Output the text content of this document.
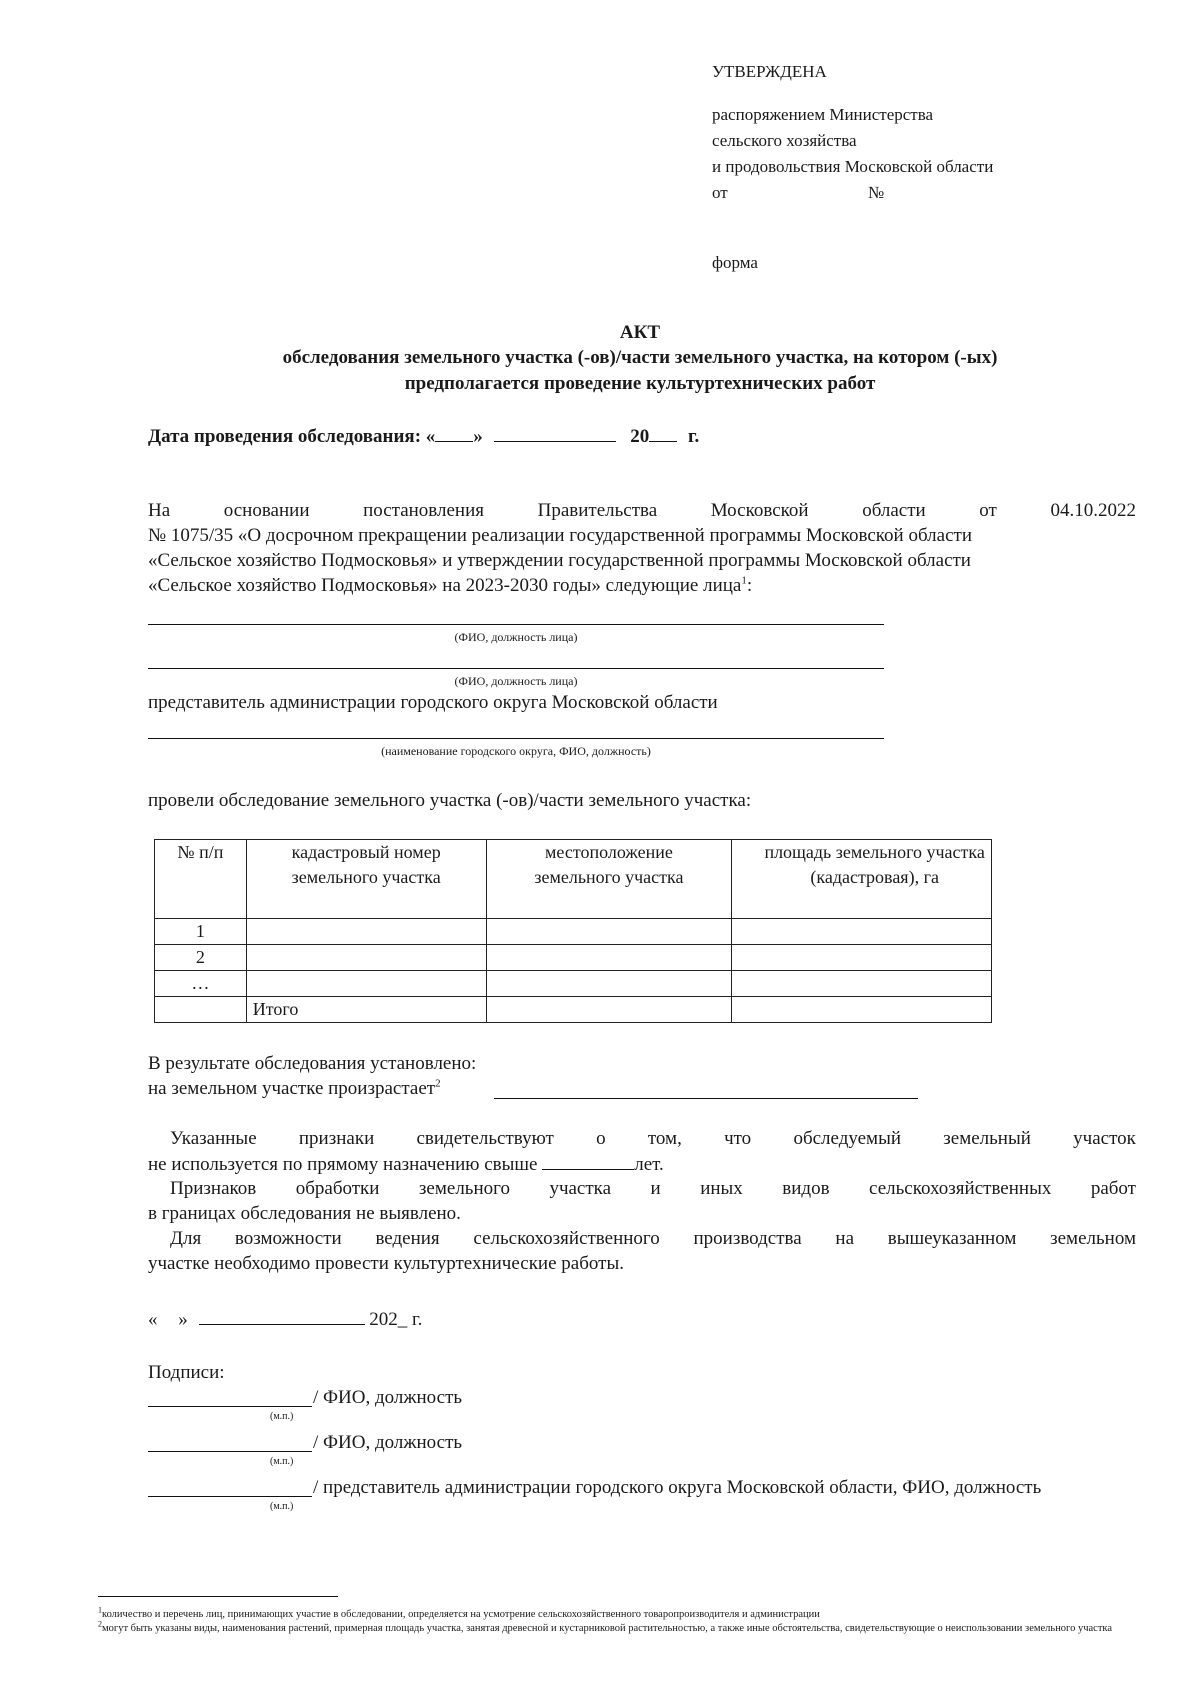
УТВЕРЖДЕНА
распоряжением Министерства
сельского хозяйства
и продовольствия Московской области
от	№
форма
АКТ
обследования земельного участка (-ов)/части земельного участка, на котором (-ых)
предполагается проведение культуртехнических работ
Дата проведения обследования: « »	20 г.
На	основании	постановления	Правительства	Московской	области	от	04.10.2022
№ 1075/35 «О досрочном прекращении реализации государственной программы Московской области
«Сельское хозяйство Подмосковья» и утверждении государственной программы Московской области
«Сельское хозяйство Подмосковья» на 2023-2030 годы» следующие лица$^1$:
(ФИО, должность лица)
(ФИО, должность лица)
представитель администрации городского округа Московской области
(наименование городского округа, ФИО, должность)
провели обследование земельного участка (-ов)/части земельного участка:
№ п/п	кадастровый номер земельного участка	местоположение земельного участка	площадь земельного участка (кадастровая), га
1			
2			
…			
	Итого		
В результате обследования установлено:
на земельном участке произрастает$^2$
Указанные признаки свидетельствуют о том, что обследуемый земельный участок
не используется по прямому назначению свыше	лет.
Признаков обработки земельного участка и иных видов сельскохозяйственных работ
в границах обследования не выявлено.
Для возможности ведения сельскохозяйственного производства на вышеуказанном земельном
участке необходимо провести культуртехнические работы.
« »	202_ г.
Подписи:
/ ФИО, должность
(м.п.)
/ ФИО, должность
(м.п.)
/ представитель администрации городского округа Московской области, ФИО, должность
(м.п.)
$^1$количество и перечень лиц, принимающих участие в обследовании, определяется на усмотрение сельскохозяйственного товаропроизводителя и администрации
$^2$могут быть указаны виды, наименования растений, примерная площадь участка, занятая древесной и кустарниковой растительностью, а также иные обстоятельства, свидетельствующие о неиспользовании земельного участка
